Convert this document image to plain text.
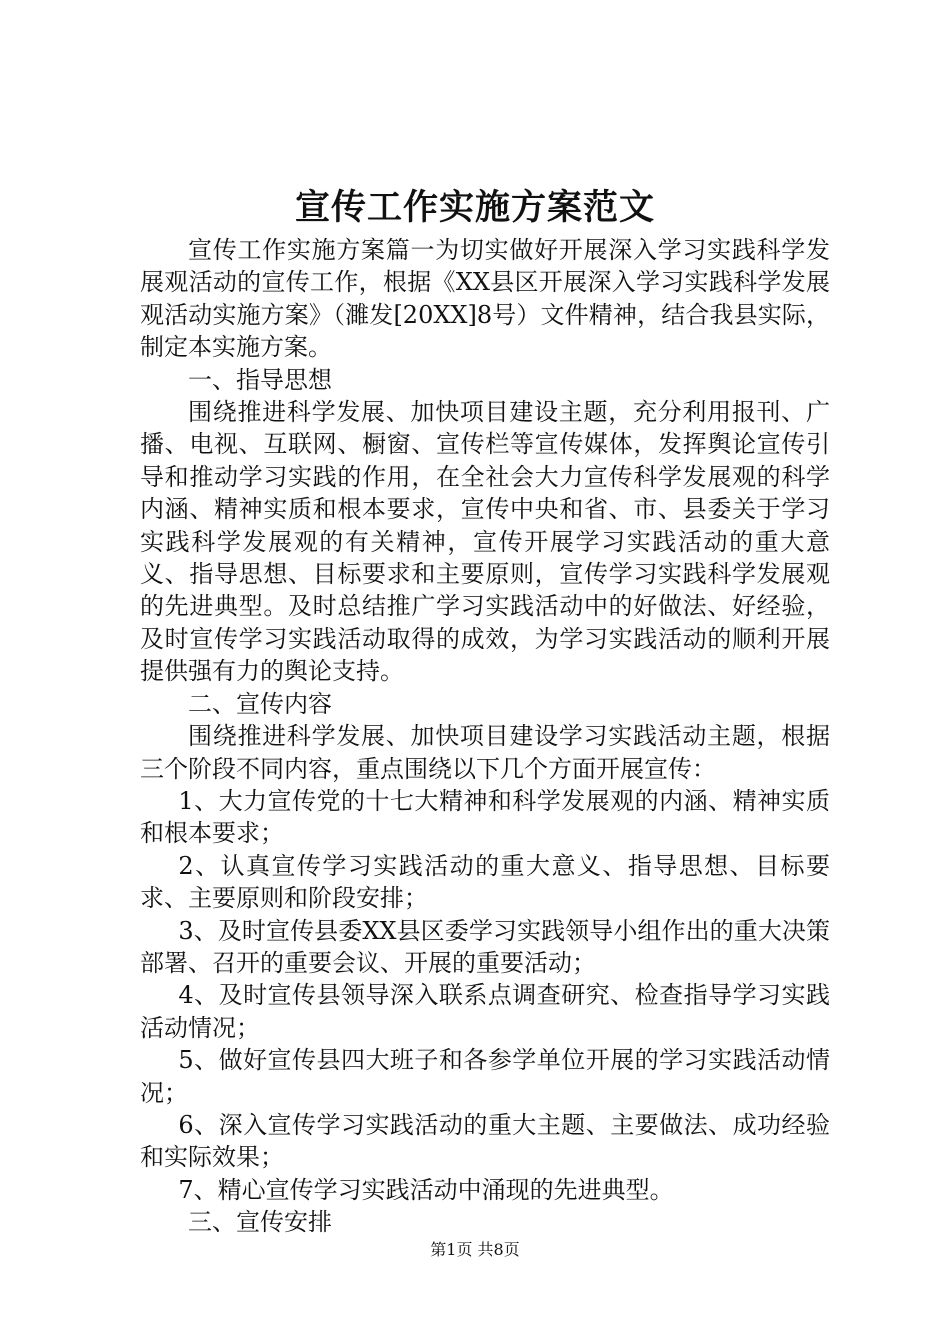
宣传工作实施方案范文

宣传工作实施方案篇一为切实做好开展深入学习实践科学发展观活动的宣传工作，根据《XX县区开展深入学习实践科学发展观活动实施方案》（濉发[20XX]8号）文件精神，结合我县实际，制定本实施方案。

一、指导思想

围绕推进科学发展、加快项目建设主题，充分利用报刊、广播、电视、互联网、橱窗、宣传栏等宣传媒体，发挥舆论宣传引导和推动学习实践的作用，在全社会大力宣传科学发展观的科学内涵、精神实质和根本要求，宣传中央和省、市、县委关于学习实践科学发展观的有关精神，宣传开展学习实践活动的重大意义、指导思想、目标要求和主要原则，宣传学习实践科学发展观的先进典型。及时总结推广学习实践活动中的好做法、好经验，及时宣传学习实践活动取得的成效，为学习实践活动的顺利开展提供强有力的舆论支持。

二、宣传内容

围绕推进科学发展、加快项目建设学习实践活动主题，根据三个阶段不同内容，重点围绕以下几个方面开展宣传：

1、大力宣传党的十七大精神和科学发展观的内涵、精神实质和根本要求；

2、认真宣传学习实践活动的重大意义、指导思想、目标要求、主要原则和阶段安排；

3、及时宣传县委XX县区委学习实践领导小组作出的重大决策部署、召开的重要会议、开展的重要活动；

4、及时宣传县领导深入联系点调查研究、检查指导学习实践活动情况；

5、做好宣传县四大班子和各参学单位开展的学习实践活动情况；

6、深入宣传学习实践活动的重大主题、主要做法、成功经验和实际效果；

7、精心宣传学习实践活动中涌现的先进典型。

三、宣传安排

第1页 共8页
